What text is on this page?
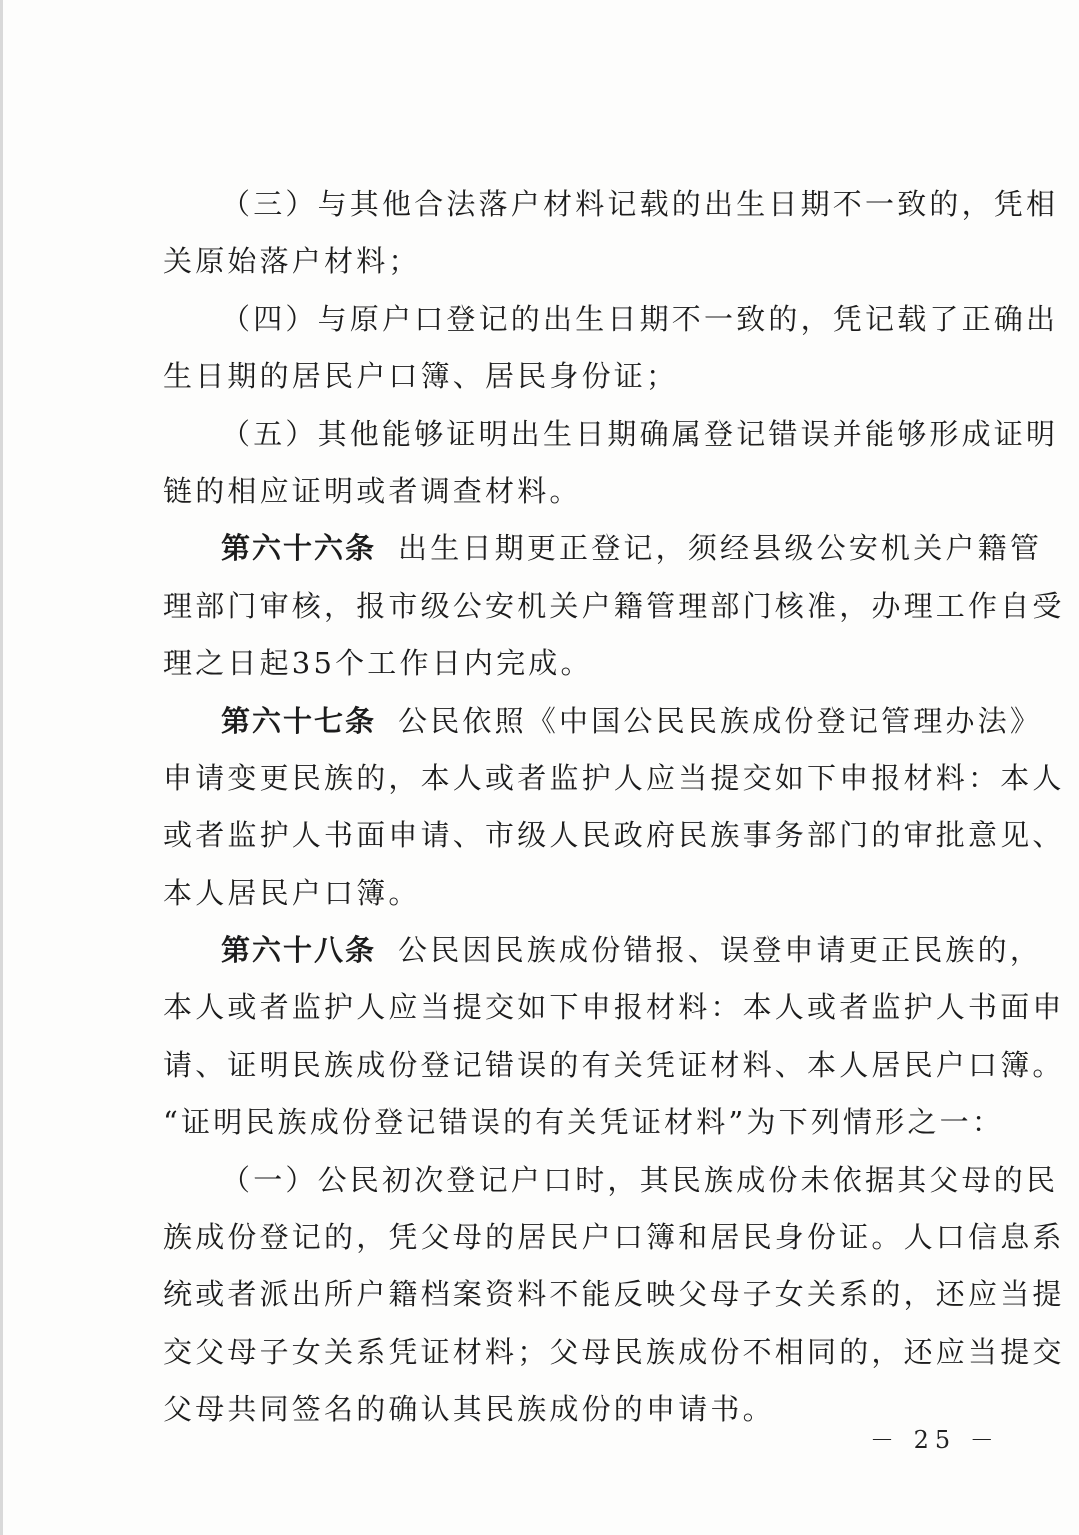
（三）与其他合法落户材料记载的出生日期不一致的，凭相
关原始落户材料；
（四）与原户口登记的出生日期不一致的，凭记载了正确出
生日期的居民户口簿、居民身份证；
（五）其他能够证明出生日期确属登记错误并能够形成证明
链的相应证明或者调查材料。
第六十六条 出生日期更正登记，须经县级公安机关户籍管
理部门审核，报市级公安机关户籍管理部门核准，办理工作自受
理之日起35个工作日内完成。
第六十七条 公民依照《中国公民民族成份登记管理办法》
申请变更民族的，本人或者监护人应当提交如下申报材料：本人
或者监护人书面申请、市级人民政府民族事务部门的审批意见、
本人居民户口簿。
第六十八条 公民因民族成份错报、误登申请更正民族的，
本人或者监护人应当提交如下申报材料：本人或者监护人书面申
请、证明民族成份登记错误的有关凭证材料、本人居民户口簿。
“证明民族成份登记错误的有关凭证材料”为下列情形之一：
（一）公民初次登记户口时，其民族成份未依据其父母的民
族成份登记的，凭父母的居民户口簿和居民身份证。人口信息系
统或者派出所户籍档案资料不能反映父母子女关系的，还应当提
交父母子女关系凭证材料；父母民族成份不相同的，还应当提交
父母共同签名的确认其民族成份的申请书。
－ 25 －
